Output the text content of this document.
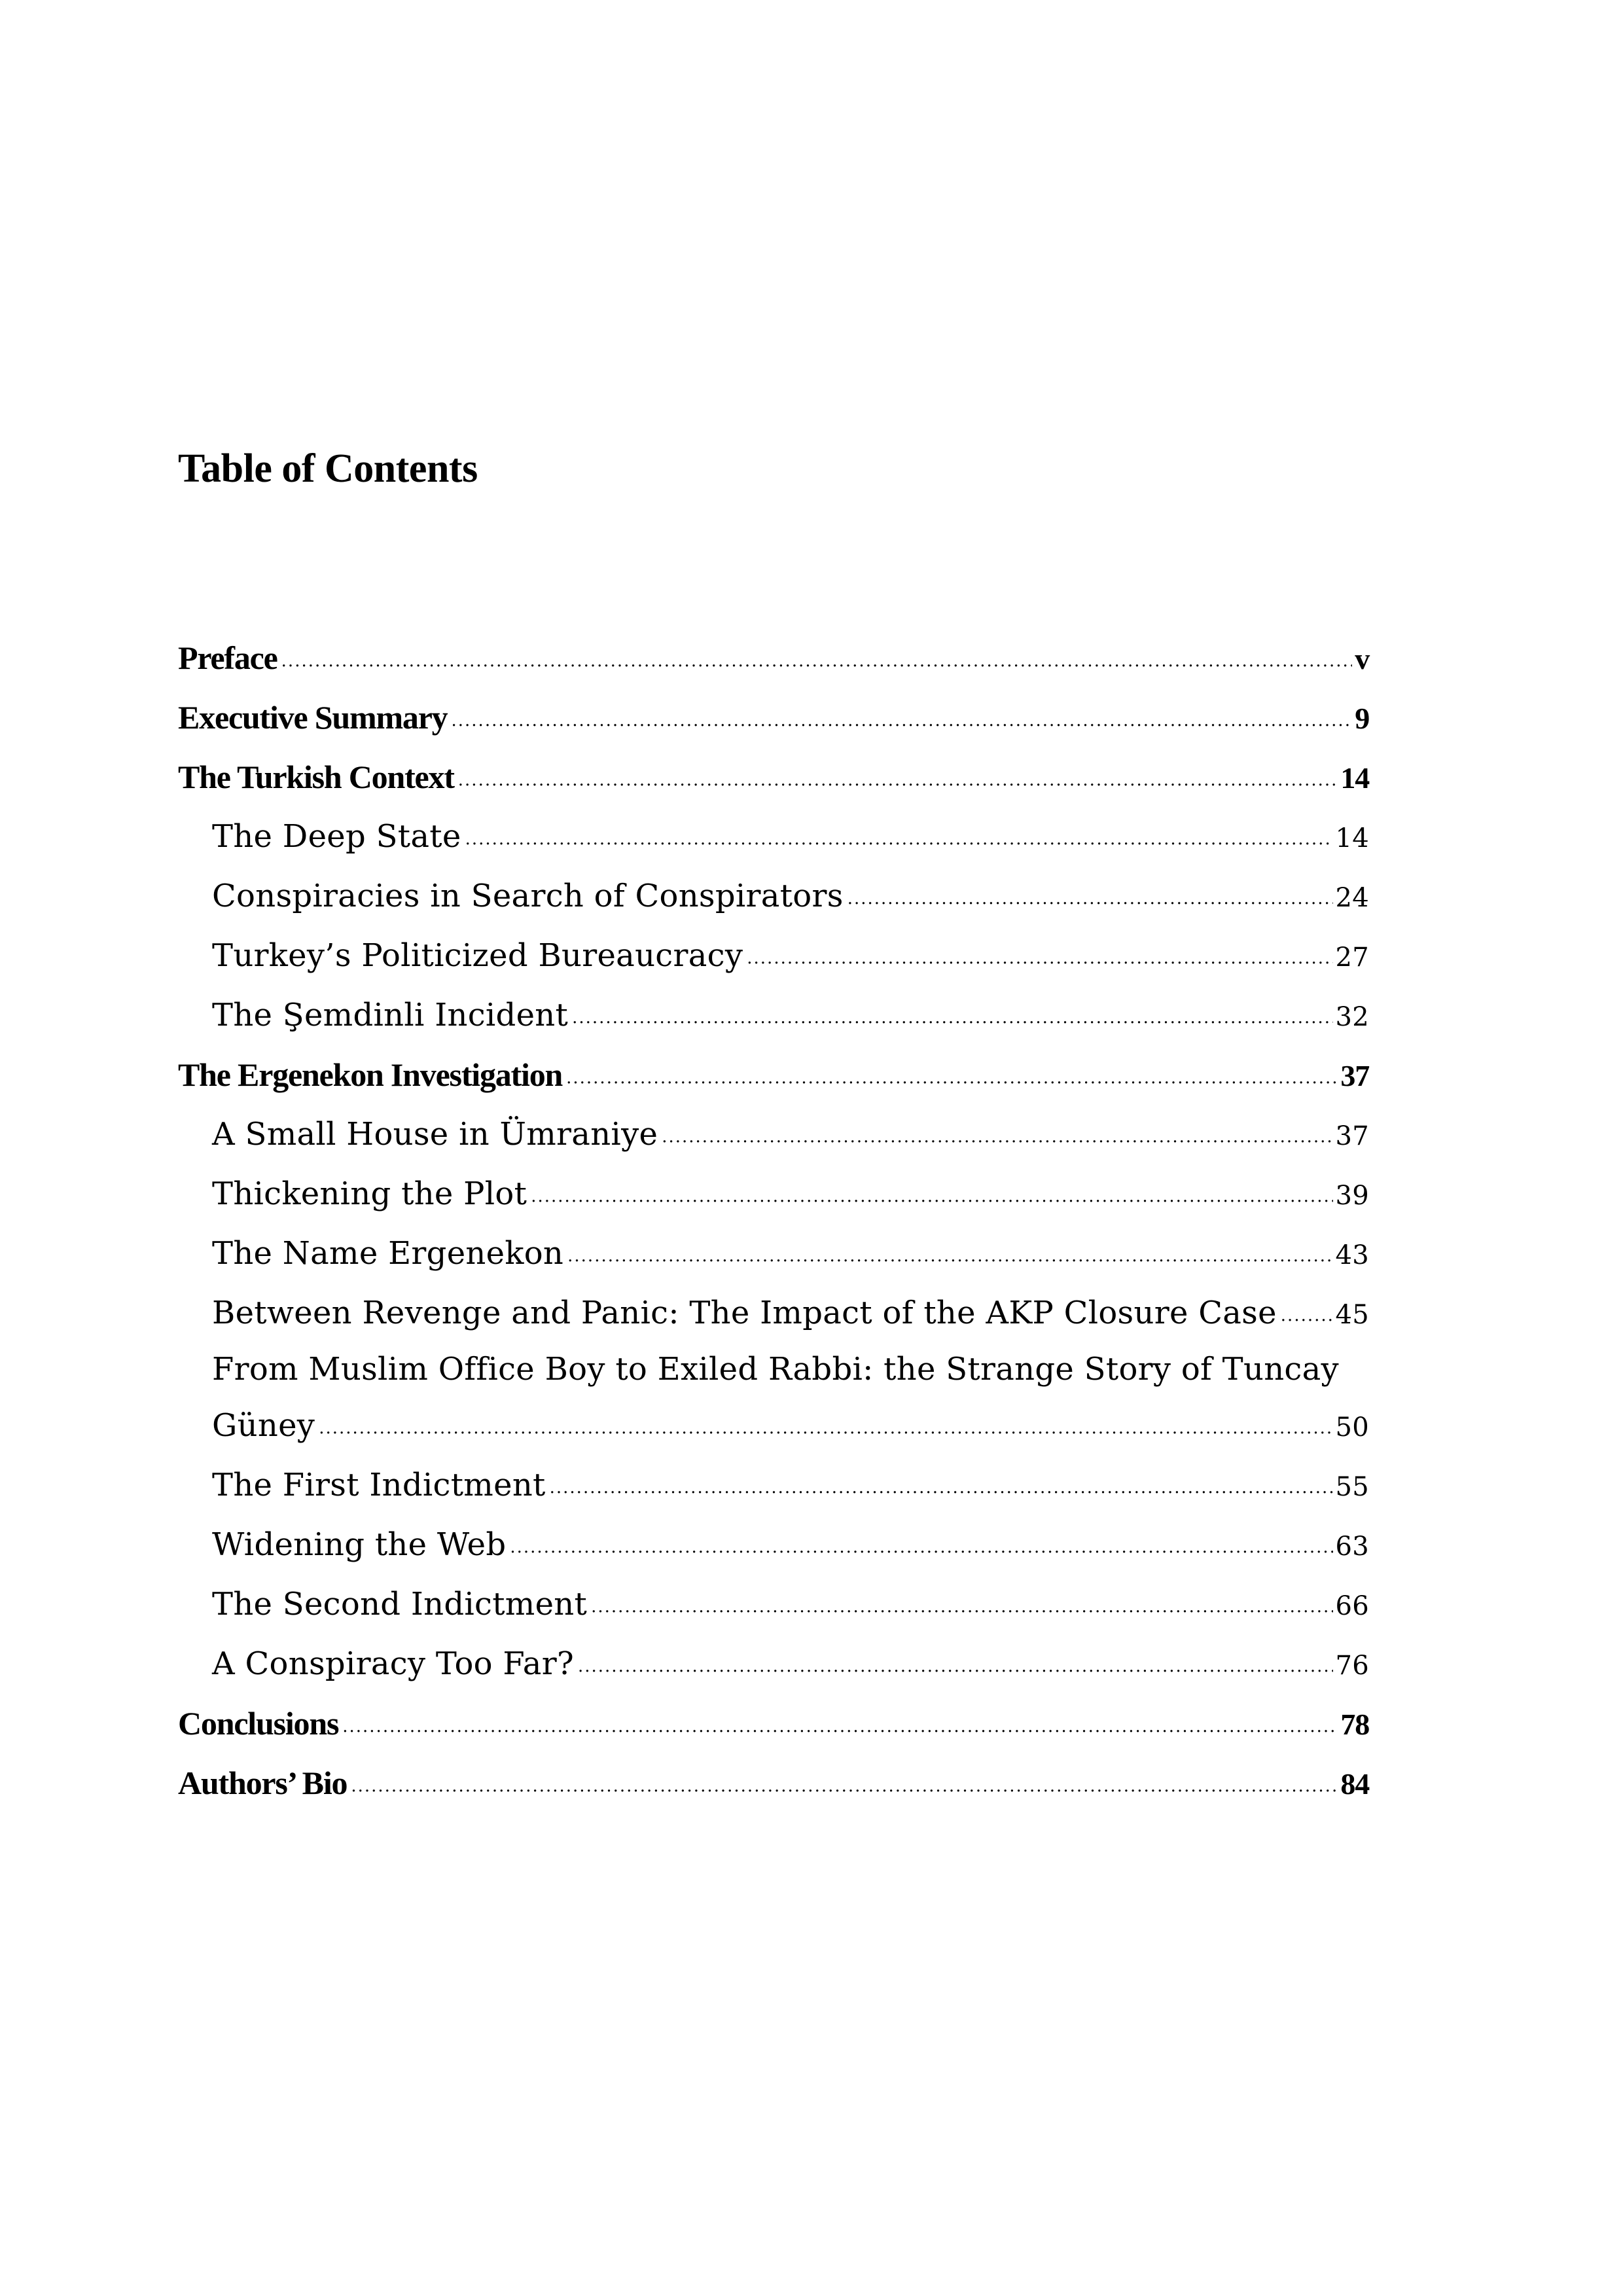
Table of Contents
Preface .....	v
Executive Summary .....	9
The Turkish Context .....	14
The Deep State .....	14
Conspiracies in Search of Conspirators .....	24
Turkey’s Politicized Bureaucracy .....	27
The Şemdinli Incident .....	32
The Ergenekon Investigation .....	37
A Small House in Ümraniye .....	37
Thickening the Plot .....	39
The Name Ergenekon .....	43
Between Revenge and Panic: The Impact of the AKP Closure Case ..... 45
From Muslim Office Boy to Exiled Rabbi: the Strange Story of Tuncay
Güney .....	50
The First Indictment .....	55
Widening the Web .....	63
The Second Indictment .....	66
A Conspiracy Too Far? .....	76
Conclusions .....	78
Authors’ Bio .....	84
